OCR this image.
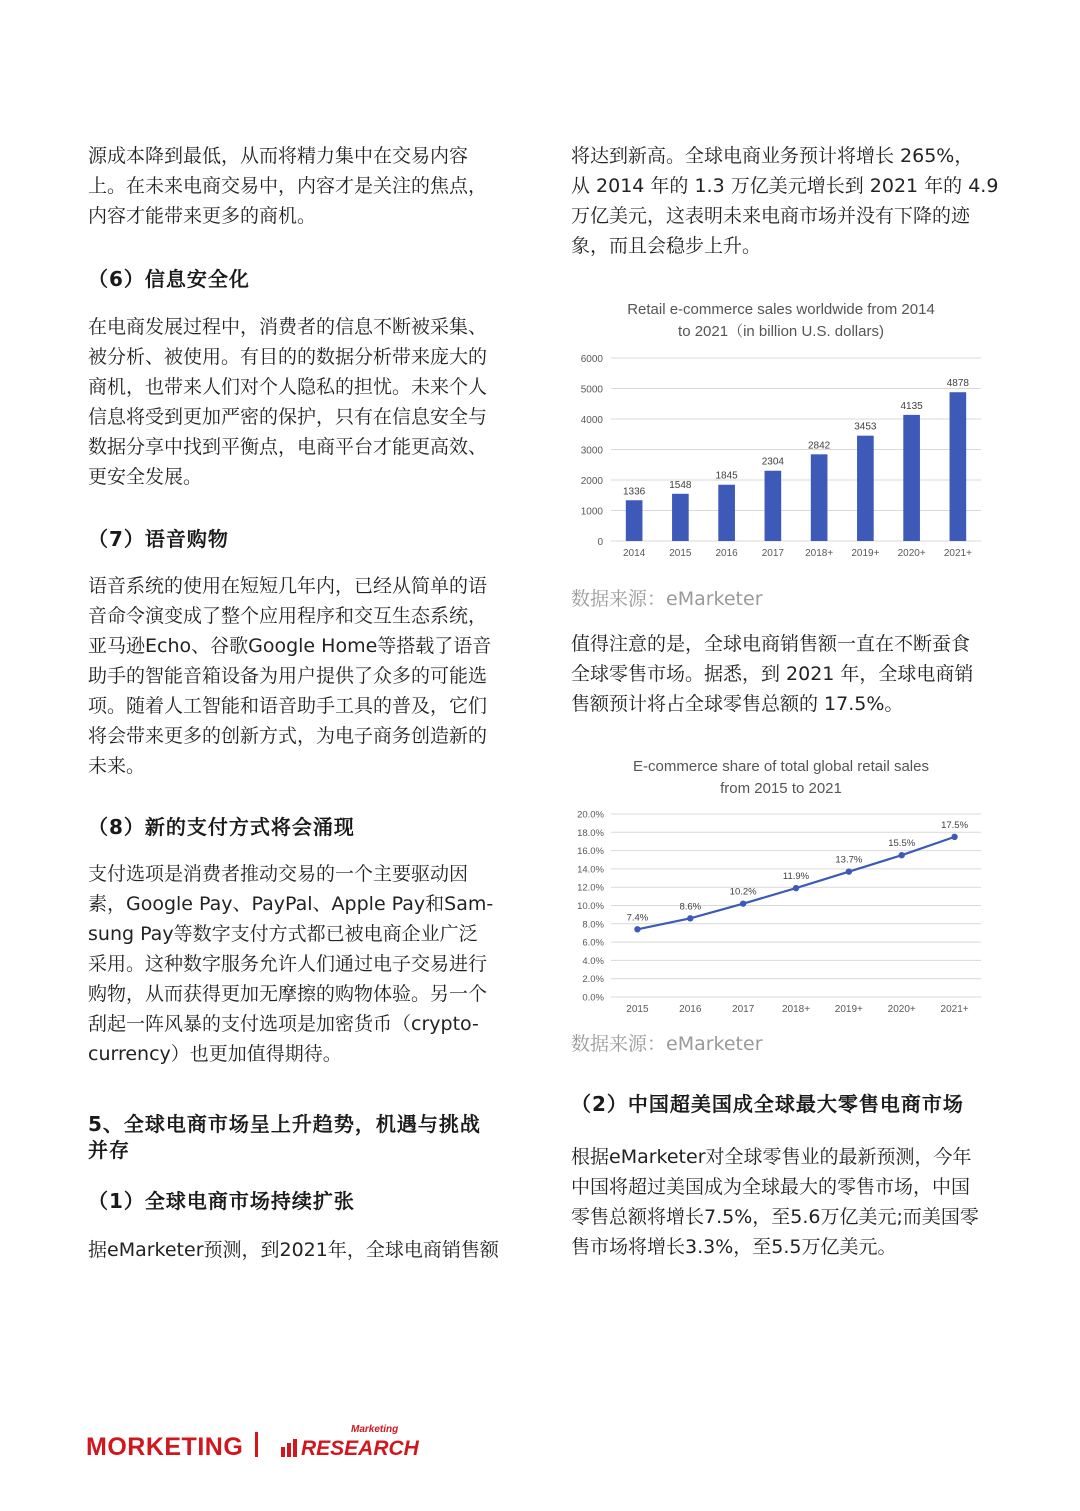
源成本降到最低，从而将精力集中在交易内容
上。在未来电商交易中，内容才是关注的焦点，
内容才能带来更多的商机。

（6）信息安全化

在电商发展过程中，消费者的信息不断被采集、
被分析、被使用。有目的的数据分析带来庞大的
商机，也带来人们对个人隐私的担忧。未来个人
信息将受到更加严密的保护，只有在信息安全与
数据分享中找到平衡点，电商平台才能更高效、
更安全发展。

（7）语音购物

语音系统的使用在短短几年内，已经从简单的语
音命令演变成了整个应用程序和交互生态系统，
亚马逊Echo、谷歌Google Home等搭载了语音
助手的智能音箱设备为用户提供了众多的可能选
项。随着人工智能和语音助手工具的普及，它们
将会带来更多的创新方式，为电子商务创造新的
未来。

（8）新的支付方式将会涌现

支付选项是消费者推动交易的一个主要驱动因
素，Google Pay、PayPal、Apple Pay和Sam-
sung Pay等数字支付方式都已被电商企业广泛
采用。这种数字服务允许人们通过电子交易进行
购物，从而获得更加无摩擦的购物体验。另一个
刮起一阵风暴的支付选项是加密货币（crypto-
currency）也更加值得期待。

5、全球电商市场呈上升趋势，机遇与挑战
并存
（1）全球电商市场持续扩张

据eMarketer预测，到2021年，全球电商销售额

将达到新高。全球电商业务预计将增长 265%，
从 2014 年的 1.3 万亿美元增长到 2021 年的 4.9
万亿美元，这表明未来电商市场并没有下降的迹
象，而且会稳步上升。

Retail e-commerce sales worldwide from 2014
to 2021（in billion U.S. dollars)
0
1000
2000
3000
4000
5000
6000
1336
2014
1548
2015
1845
2016
2304
2017
2842
2018+
3453
2019+
4135
2020+
4878
2021+
数据来源：eMarketer

值得注意的是，全球电商销售额一直在不断蚕食
全球零售市场。据悉，到 2021 年，全球电商销
售额预计将占全球零售总额的 17.5%。

E-commerce share of total global retail sales
from 2015 to 2021
0.0%
2.0%
4.0%
6.0%
8.0%
10.0%
12.0%
14.0%
16.0%
18.0%
20.0%
7.4%
2015
8.6%
2016
10.2%
2017
11.9%
2018+
13.7%
2019+
15.5%
2020+
17.5%
2021+
数据来源：eMarketer
（2）中国超美国成全球最大零售电商市场

根据eMarketer对全球零售业的最新预测，今年
中国将超过美国成为全球最大的零售市场，中国
零售总额将增长7.5%，至5.6万亿美元;而美国零
售市场将增长3.3%，至5.5万亿美元。

MORKETING	RESEARCH
Marketing
